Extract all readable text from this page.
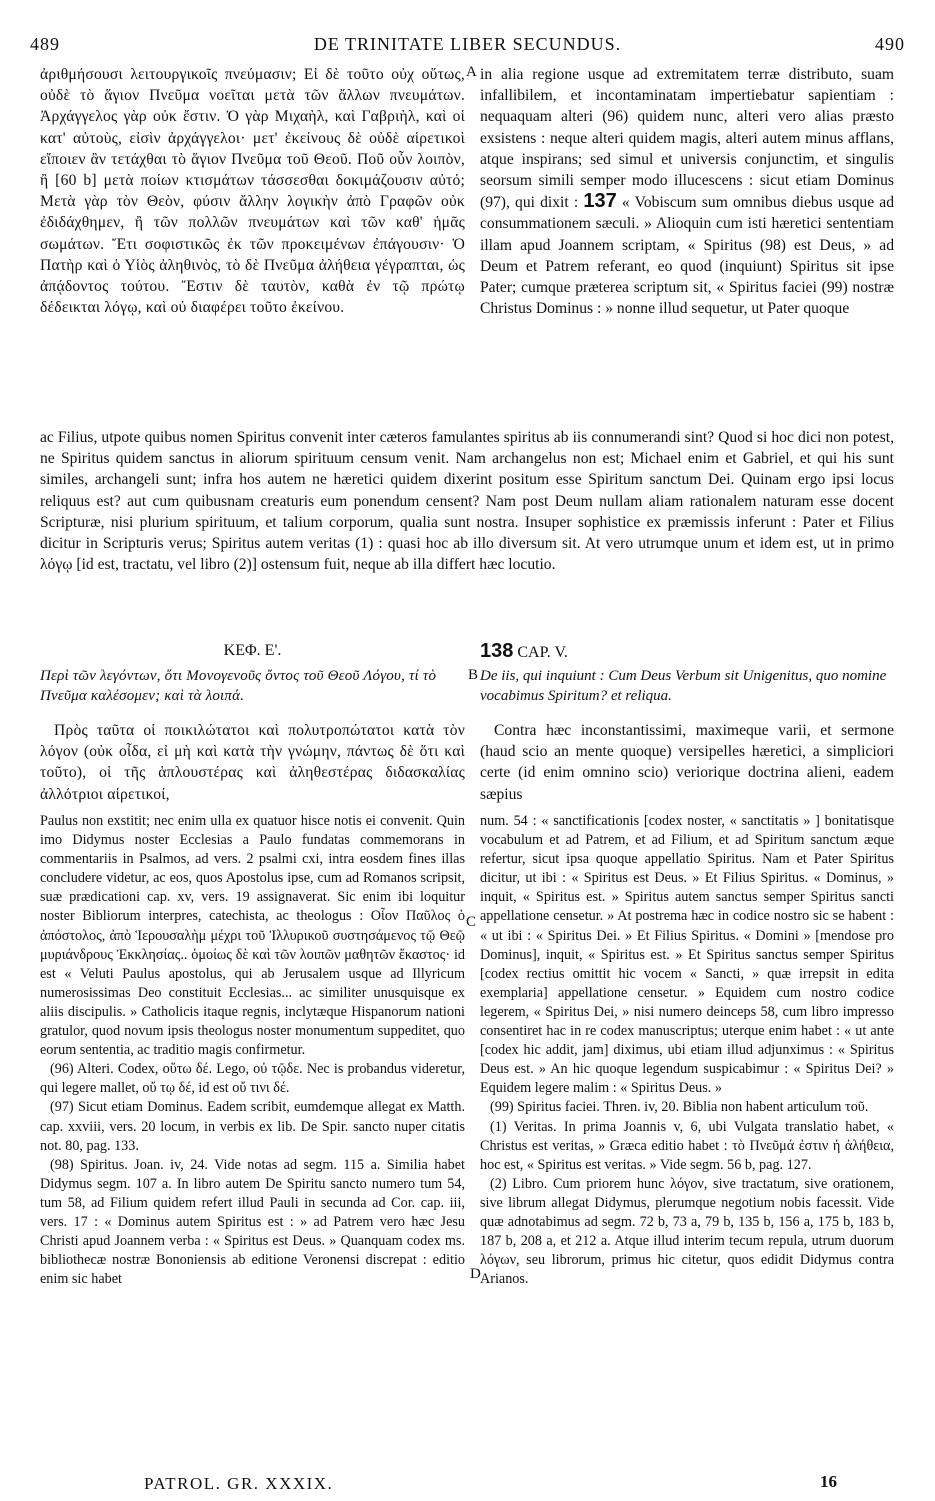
489	DE TRINITATE LIBER SECUNDUS.	490
A
B
C
D

ἀριθμήσουσι λειτουργικοῖς πνεύμασιν; Εἰ δὲ τοῦτο οὐχ οὕτως, οὐδὲ τὸ ἅγιον Πνεῦμα νοεῖται μετὰ τῶν ἄλλων πνευμάτων. Ἀρχάγγελος γὰρ οὐκ ἔστιν. Ὁ γὰρ Μιχαὴλ, καὶ Γαβριὴλ, καὶ οἱ κατ' αὐτοὺς, εἰσὶν ἀρχάγγελοι· μετ' ἐκείνους δὲ οὐδὲ αἱρετικοὶ εἴποιεν ἂν τετάχθαι τὸ ἅγιον Πνεῦμα τοῦ Θεοῦ. Ποῦ οὖν λοιπὸν, ἢ [60 b] μετὰ ποίων κτισμάτων τάσσεσθαι δοκιμάζουσιν αὐτό; Μετὰ γὰρ τὸν Θεὸν, φύσιν ἄλλην λογικὴν ἀπὸ Γραφῶν οὐκ ἐδιδάχθημεν, ἢ τῶν πολλῶν πνευμάτων καὶ τῶν καθ' ἡμᾶς σωμάτων. Ἔτι σοφιστικῶς ἐκ τῶν προκειμένων ἐπάγουσιν· Ὁ Πατὴρ καὶ ὁ Υἱὸς ἀληθινὸς, τὸ δὲ Πνεῦμα ἀλήθεια γέγραπται, ὡς ἀπᾴδοντος τούτου. Ἔστιν δὲ ταυτὸν, καθὰ ἐν τῷ πρώτῳ δέδεικται λόγῳ, καὶ οὐ διαφέρει τοῦτο ἐκείνου.

in alia regione usque ad extremitatem terræ distributo, suam infallibilem, et incontaminatam impertiebatur sapientiam : nequaquam alteri (96) quidem nunc, alteri vero alias præsto exsistens : neque alteri quidem magis, alteri autem minus afflans, atque inspirans; sed simul et universis conjunctim, et singulis seorsum simili semper modo illucescens : sicut etiam Dominus (97), qui dixit : 137 « Vobiscum sum omnibus diebus usque ad consummationem sæculi. » Alioquin cum isti hæretici sententiam illam apud Joannem scriptam, « Spiritus (98) est Deus, » ad Deum et Patrem referant, eo quod (inquiunt) Spiritus sit ipse Pater; cumque præterea scriptum sit, « Spiritus faciei (99) nostræ Christus Dominus : » nonne illud sequetur, ut Pater quoque

ac Filius, utpote quibus nomen Spiritus convenit inter cæteros famulantes spiritus ab iis connumerandi sint? Quod si hoc dici non potest, ne Spiritus quidem sanctus in aliorum spirituum censum venit. Nam archangelus non est; Michael enim et Gabriel, et qui his sunt similes, archangeli sunt; infra hos autem ne hæretici quidem dixerint positum esse Spiritum sanctum Dei. Quinam ergo ipsi locus reliquus est? aut cum quibusnam creaturis eum ponendum censent? Nam post Deum nullam aliam rationalem naturam esse docent Scripturæ, nisi plurium spirituum, et talium corporum, qualia sunt nostra. Insuper sophistice ex præmissis inferunt : Pater et Filius dicitur in Scripturis verus; Spiritus autem veritas (1) : quasi hoc ab illo diversum sit. At vero utrumque unum et idem est, ut in primo λόγῳ [id est, tractatu, vel libro (2)] ostensum fuit, neque ab illa differt hæc locutio.

ΚΕΦ. Ε'.	138 CAP. V.
Περὶ τῶν λεγόντων, ὅτι Μονογενοῦς ὄντος τοῦ Θεοῦ Λόγου, τί τὸ Πνεῦμα καλέσομεν; καὶ τὰ λοιπά.
De iis, qui inquiunt : Cum Deus Verbum sit Unigenitus, quo nomine vocabimus Spiritum? et reliqua.

Πρὸς ταῦτα οἱ ποικιλώτατοι καὶ πολυτροπώτατοι κατὰ τὸν λόγον (οὐκ οἶδα, εἰ μὴ καὶ κατὰ τὴν γνώμην, πάντως δὲ ὅτι καὶ τοῦτο), οἱ τῆς ἁπλουστέρας καὶ ἀληθεστέρας διδασκαλίας ἀλλότριοι αἱρετικοί,

Contra hæc inconstantissimi, maximeque varii, et sermone (haud scio an mente quoque) versipelles hæretici, a simpliciori certe (id enim omnino scio) veriorique doctrina alieni, eadem sæpius

Paulus non exstitit; nec enim ulla ex quatuor hisce notis ei convenit. Quin imo Didymus noster Ecclesias a Paulo fundatas commemorans in commentariis in Psalmos, ad vers. 2 psalmi cxi, intra eosdem fines illas concludere videtur, ac eos, quos Apostolus ipse, cum ad Romanos scripsit, suæ prædicationi cap. xv, vers. 19 assignaverat. Sic enim ibi loquitur noster Bibliorum interpres, catechista, ac theologus : Οἷον Παῦλος ὁ ἀπόστολος, ἀπὸ Ἱερουσαλὴμ μέχρι τοῦ Ἰλλυρικοῦ συστησάμενος τῷ Θεῷ μυριάνδρους Ἐκκλησίας.. ὁμοίως δὲ καὶ τῶν λοιπῶν μαθητῶν ἕκαστος· id est « Veluti Paulus apostolus, qui ab Jerusalem usque ad Illyricum numerosissimas Deo constituit Ecclesias... ac similiter unusquisque ex aliis discipulis. » Catholicis itaque regnis, inclytæque Hispanorum nationi gratulor, quod novum ipsis theologus noster monumentum suppeditet, quo eorum sententia, ac traditio magis confirmetur.

(96) Alteri. Codex, οὕτω δέ. Lego, οὐ τῷδε. Nec is probandus videretur, qui legere mallet, οὔ τῳ δέ, id est οὔ τινι δέ.

(97) Sicut etiam Dominus. Eadem scribit, eumdemque allegat ex Matth. cap. xxviii, vers. 20 locum, in verbis ex lib. De Spir. sancto nuper citatis not. 80, pag. 133.

(98) Spiritus. Joan. iv, 24. Vide notas ad segm. 115 a. Similia habet Didymus segm. 107 a. In libro autem De Spiritu sancto numero tum 54, tum 58, ad Filium quidem refert illud Pauli in secunda ad Cor. cap. iii, vers. 17 : « Dominus autem Spiritus est : » ad Patrem vero hæc Jesu Christi apud Joannem verba : « Spiritus est Deus. » Quanquam codex ms. bibliothecæ nostræ Bononiensis ab editione Veronensi discrepat : editio enim sic habet

num. 54 : « sanctificationis [codex noster, « sanctitatis » ] bonitatisque vocabulum et ad Patrem, et ad Filium, et ad Spiritum sanctum æque refertur, sicut ipsa quoque appellatio Spiritus. Nam et Pater Spiritus dicitur, ut ibi : « Spiritus est Deus. » Et Filius Spiritus. « Dominus, » inquit, « Spiritus est. » Spiritus autem sanctus semper Spiritus sancti appellatione censetur. » At postrema hæc in codice nostro sic se habent : « ut ibi : « Spiritus Dei. » Et Filius Spiritus. « Domini » [mendose pro Dominus], inquit, « Spiritus est. » Et Spiritus sanctus semper Spiritus [codex rectius omittit hic vocem « Sancti, » quæ irrepsit in edita exemplaria] appellatione censetur. » Equidem cum nostro codice legerem, « Spiritus Dei, » nisi numero deinceps 58, cum libro impresso consentiret hac in re codex manuscriptus; uterque enim habet : « ut ante [codex hic addit, jam] diximus, ubi etiam illud adjunximus : « Spiritus Deus est. » An hic quoque legendum suspicabimur : « Spiritus Dei? » Equidem legere malim : « Spiritus Deus. »

(99) Spiritus faciei. Thren. iv, 20. Biblia non habent articulum τοῦ.

(1) Veritas. In prima Joannis v, 6, ubi Vulgata translatio habet, « Christus est veritas, » Græca editio habet : τὸ Πνεῦμά ἐστιν ἡ ἀλήθεια, hoc est, « Spiritus est veritas. » Vide segm. 56 b, pag. 127.

(2) Libro. Cum priorem hunc λόγον, sive tractatum, sive orationem, sive librum allegat Didymus, plerumque negotium nobis facessit. Vide quæ adnotabimus ad segm. 72 b, 73 a, 79 b, 135 b, 156 a, 175 b, 183 b, 187 b, 208 a, et 212 a. Atque illud interim tecum repula, utrum duorum λόγων, seu librorum, primus hic citetur, quos edidit Didymus contra Arianos.

PATROL. GR. XXXIX.	16
